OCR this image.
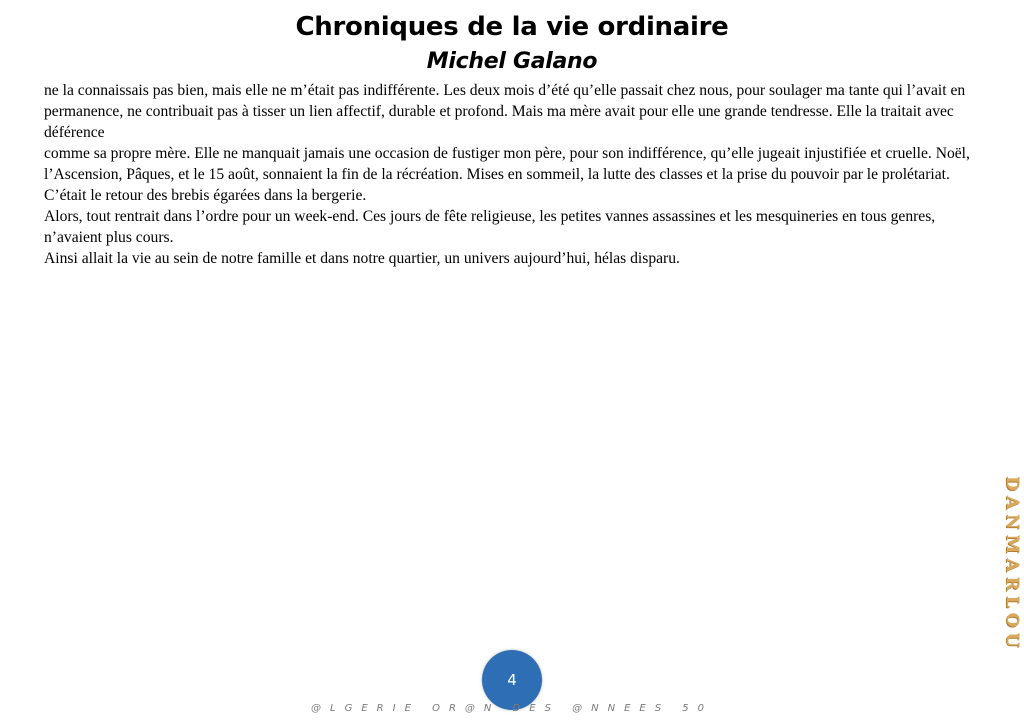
Chroniques de la vie ordinaire
Michel Galano

ne la connaissais pas bien, mais elle ne m’était pas indifférente. Les deux mois d’été qu’elle passait chez nous, pour soulager ma tante qui l’avait en permanence, ne contribuait pas à tisser un lien affectif, durable et profond. Mais ma mère avait pour elle une grande tendresse. Elle la traitait avec déférence

comme sa propre mère. Elle ne manquait jamais une occasion de fustiger mon père, pour son indifférence, qu’elle jugeait injustifiée et cruelle. Noël, l’Ascension, Pâques, et le 15 août, sonnaient la fin de la récréation. Mises en sommeil, la lutte des classes et la prise du pouvoir par le prolétariat. C’était le retour des brebis égarées dans la bergerie.

Alors, tout rentrait dans l’ordre pour un week-end. Ces jours de fête religieuse, les petites vannes assassines et les mesquineries en tous genres, n’avaient plus cours.

Ainsi allait la vie au sein de notre famille et dans notre quartier, un univers aujourd’hui, hélas disparu.

4
@LGERIE OR@N DES @NNEES 50
DANMARLOU
